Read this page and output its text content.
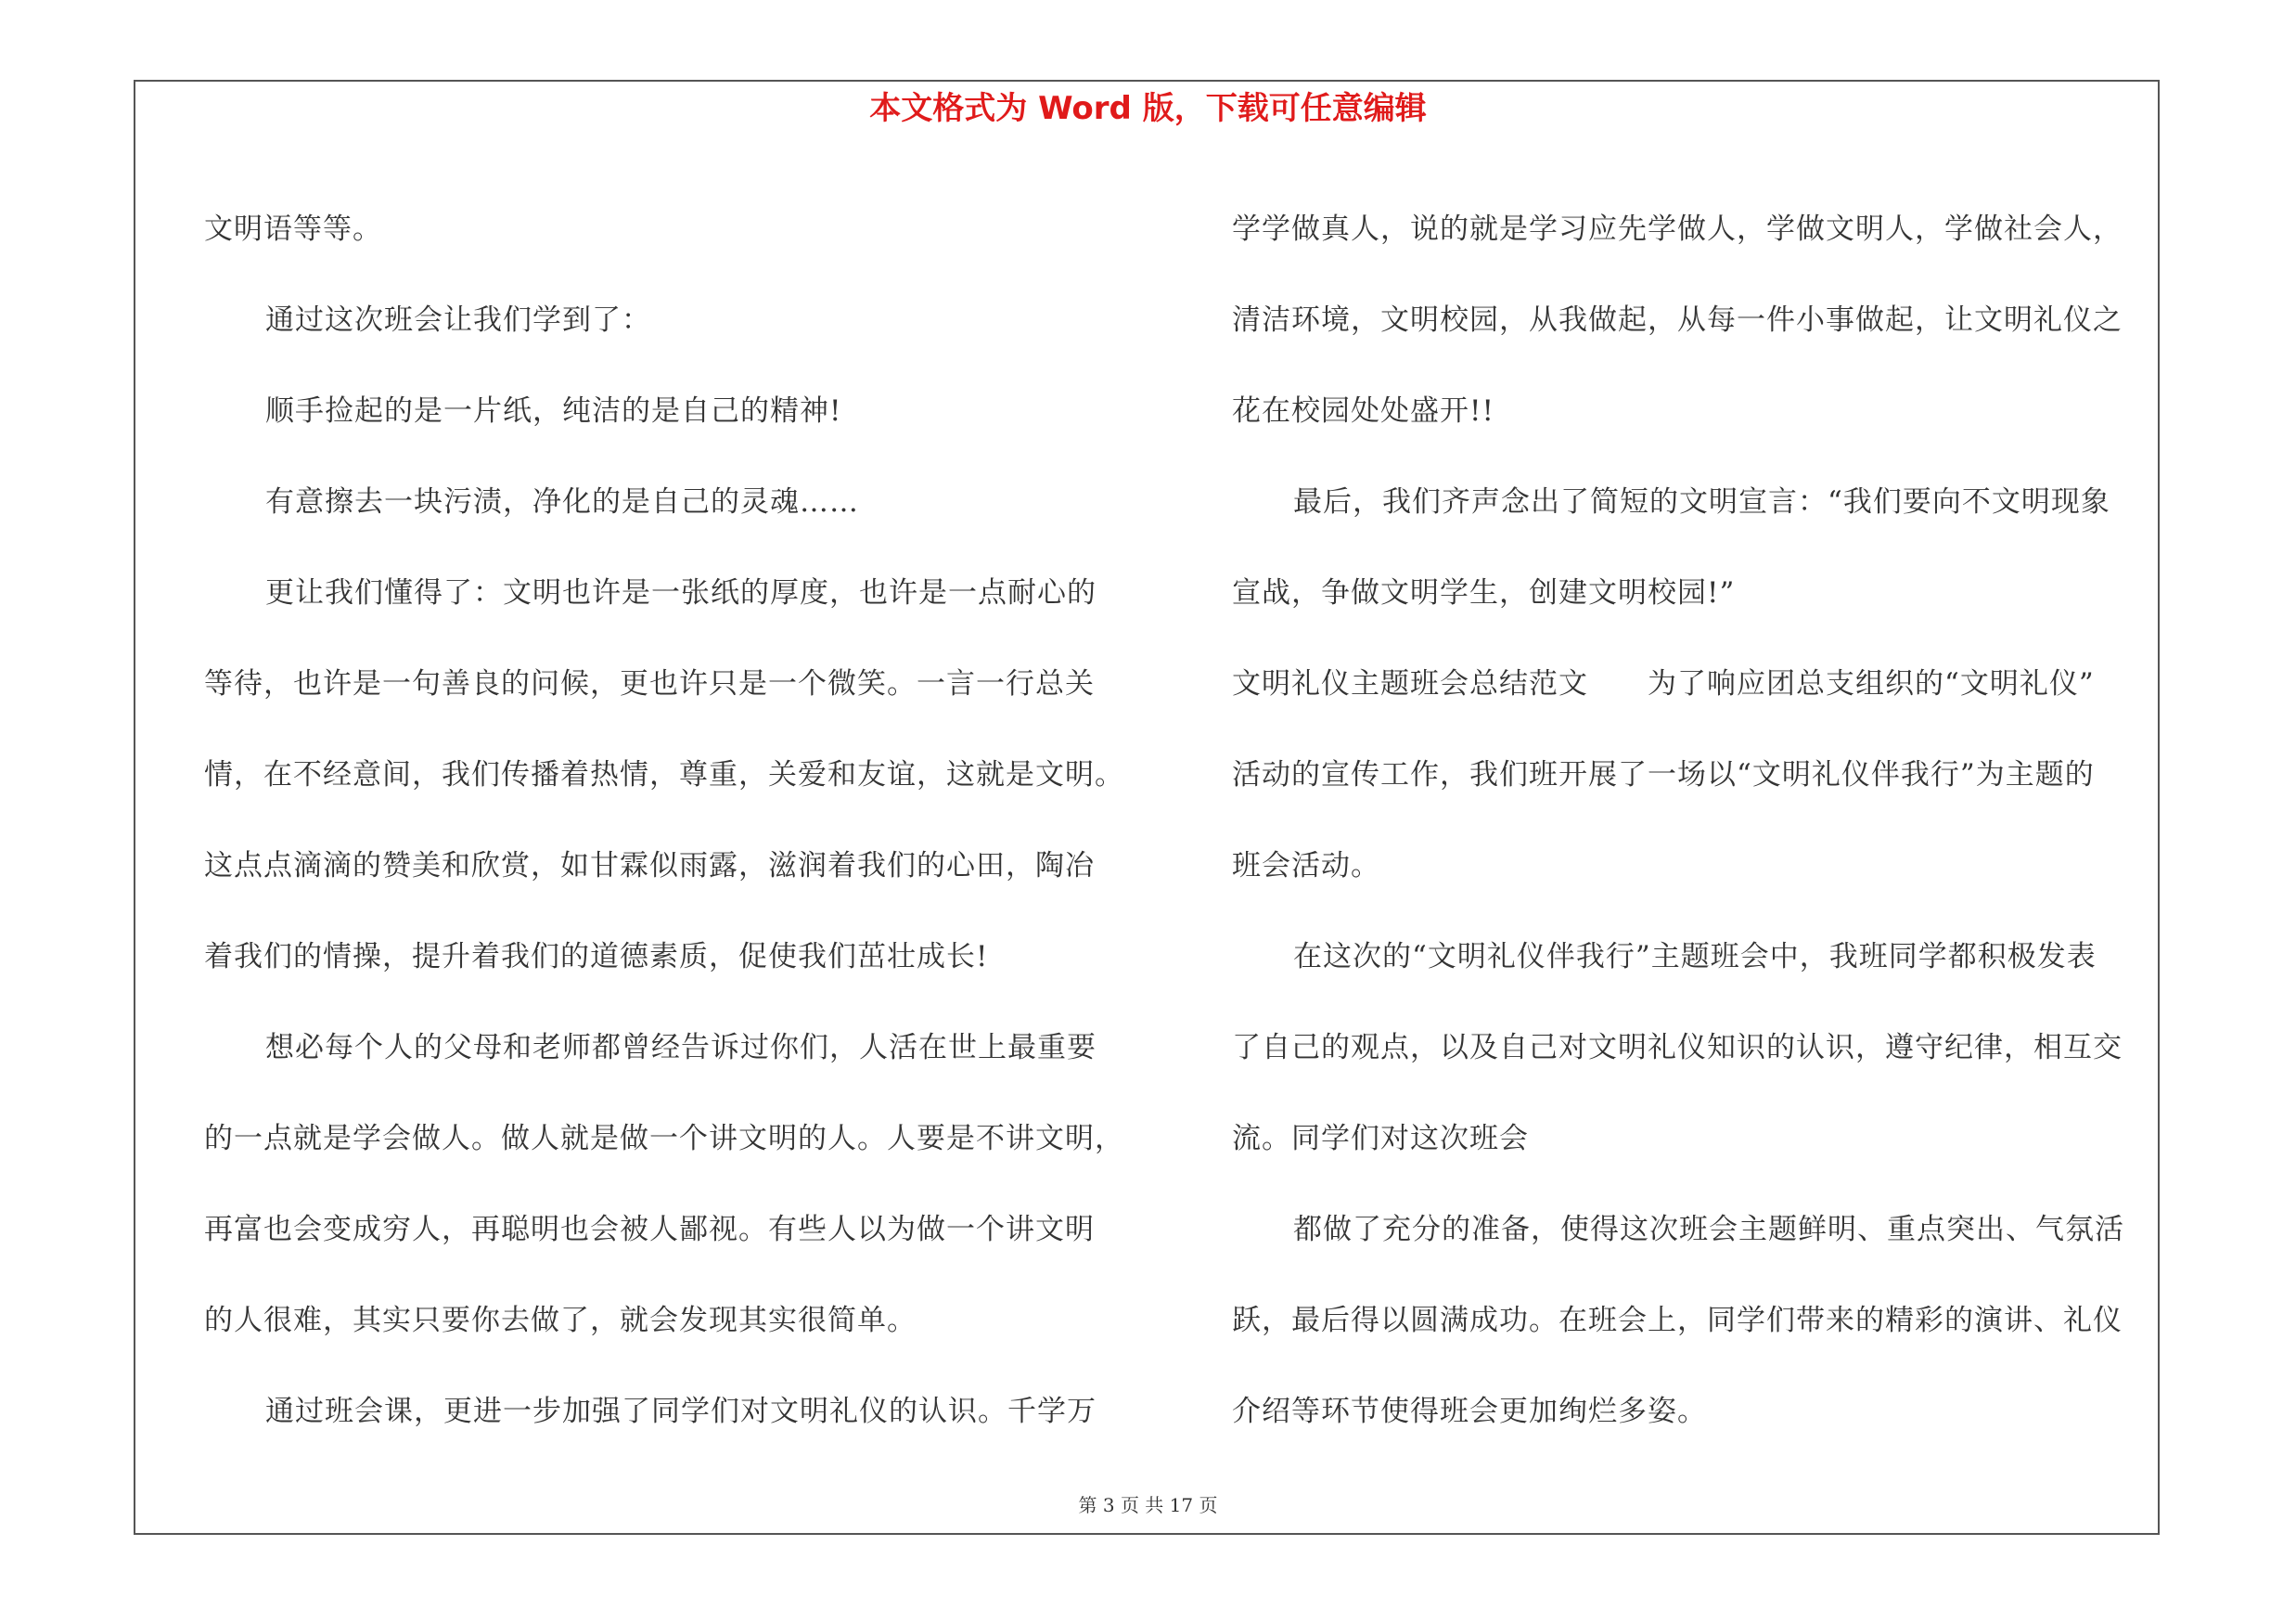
本文格式为 Word 版，下载可任意编辑

文明语等等。

通过这次班会让我们学到了：

顺手捡起的是一片纸，纯洁的是自己的精神!

有意擦去一块污渍，净化的是自己的灵魂……

更让我们懂得了：文明也许是一张纸的厚度，也许是一点耐心的

等待，也许是一句善良的问候，更也许只是一个微笑。一言一行总关

情，在不经意间，我们传播着热情，尊重，关爱和友谊，这就是文明。

这点点滴滴的赞美和欣赏，如甘霖似雨露，滋润着我们的心田，陶冶

着我们的情操，提升着我们的道德素质，促使我们茁壮成长!

想必每个人的父母和老师都曾经告诉过你们，人活在世上最重要

的一点就是学会做人。做人就是做一个讲文明的人。人要是不讲文明，

再富也会变成穷人，再聪明也会被人鄙视。有些人以为做一个讲文明

的人很难，其实只要你去做了，就会发现其实很简单。

通过班会课，更进一步加强了同学们对文明礼仪的认识。千学万

学学做真人，说的就是学习应先学做人，学做文明人，学做社会人，

清洁环境，文明校园，从我做起，从每一件小事做起，让文明礼仪之

花在校园处处盛开!!

最后，我们齐声念出了简短的文明宣言：“我们要向不文明现象

宣战，争做文明学生，创建文明校园!”

文明礼仪主题班会总结范文　　为了响应团总支组织的“文明礼仪”

活动的宣传工作，我们班开展了一场以“文明礼仪伴我行”为主题的

班会活动。

在这次的“文明礼仪伴我行”主题班会中，我班同学都积极发表

了自己的观点，以及自己对文明礼仪知识的认识，遵守纪律，相互交

流。同学们对这次班会

都做了充分的准备，使得这次班会主题鲜明、重点突出、气氛活

跃，最后得以圆满成功。在班会上，同学们带来的精彩的演讲、礼仪

介绍等环节使得班会更加绚烂多姿。

第 3 页 共 17 页
